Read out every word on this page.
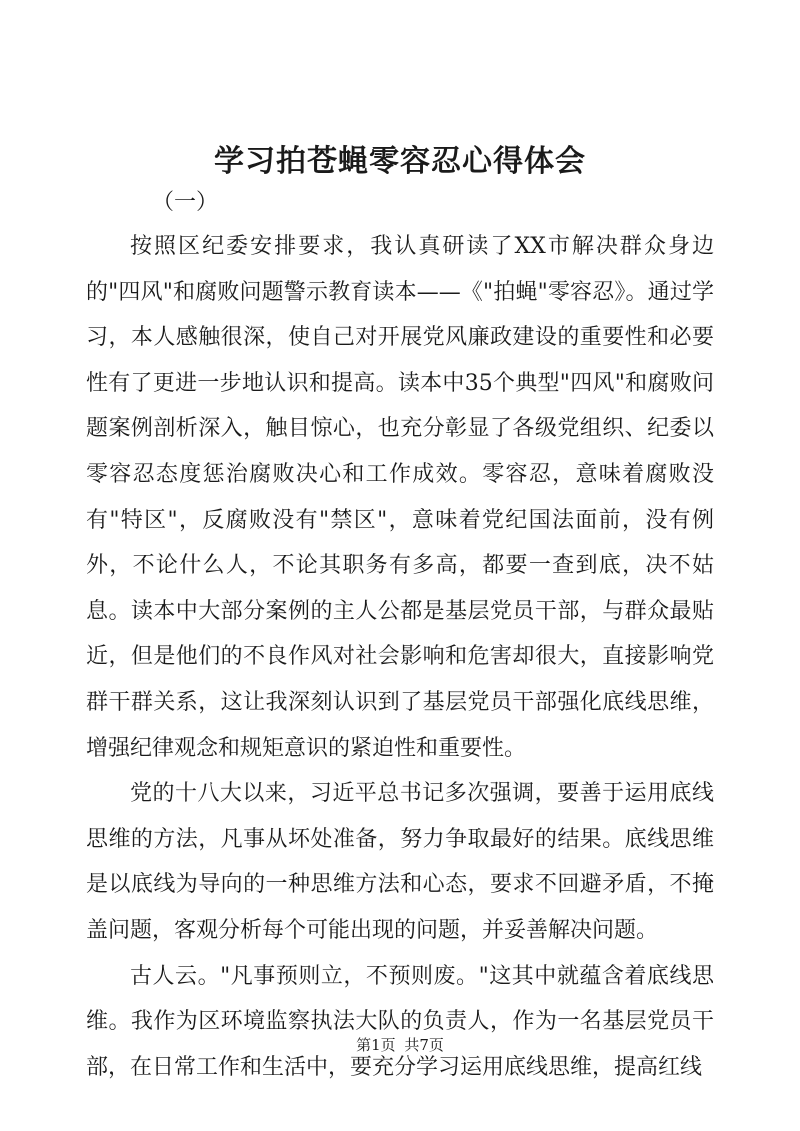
学习拍苍蝇零容忍心得体会
（一）

按照区纪委安排要求，我认真研读了XX市解决群众身边的"四风"和腐败问题警示教育读本——《"拍蝇"零容忍》。通过学习，本人感触很深，使自己对开展党风廉政建设的重要性和必要性有了更进一步地认识和提高。读本中35个典型"四风"和腐败问题案例剖析深入，触目惊心，也充分彰显了各级党组织、纪委以零容忍态度惩治腐败决心和工作成效。零容忍，意味着腐败没有"特区"，反腐败没有"禁区"，意味着党纪国法面前，没有例外，不论什么人，不论其职务有多高，都要一查到底，决不姑息。读本中大部分案例的主人公都是基层党员干部，与群众最贴近，但是他们的不良作风对社会影响和危害却很大，直接影响党群干群关系，这让我深刻认识到了基层党员干部强化底线思维，增强纪律观念和规矩意识的紧迫性和重要性。

党的十八大以来，习近平总书记多次强调，要善于运用底线思维的方法，凡事从坏处准备，努力争取最好的结果。底线思维是以底线为导向的一种思维方法和心态，要求不回避矛盾，不掩盖问题，客观分析每个可能出现的问题，并妥善解决问题。

古人云。"凡事预则立，不预则废。"这其中就蕴含着底线思维。我作为区环境监察执法大队的负责人，作为一名基层党员干部，在日常工作和生活中，要充分学习运用底线思维，提高红线

第1页 共7页
